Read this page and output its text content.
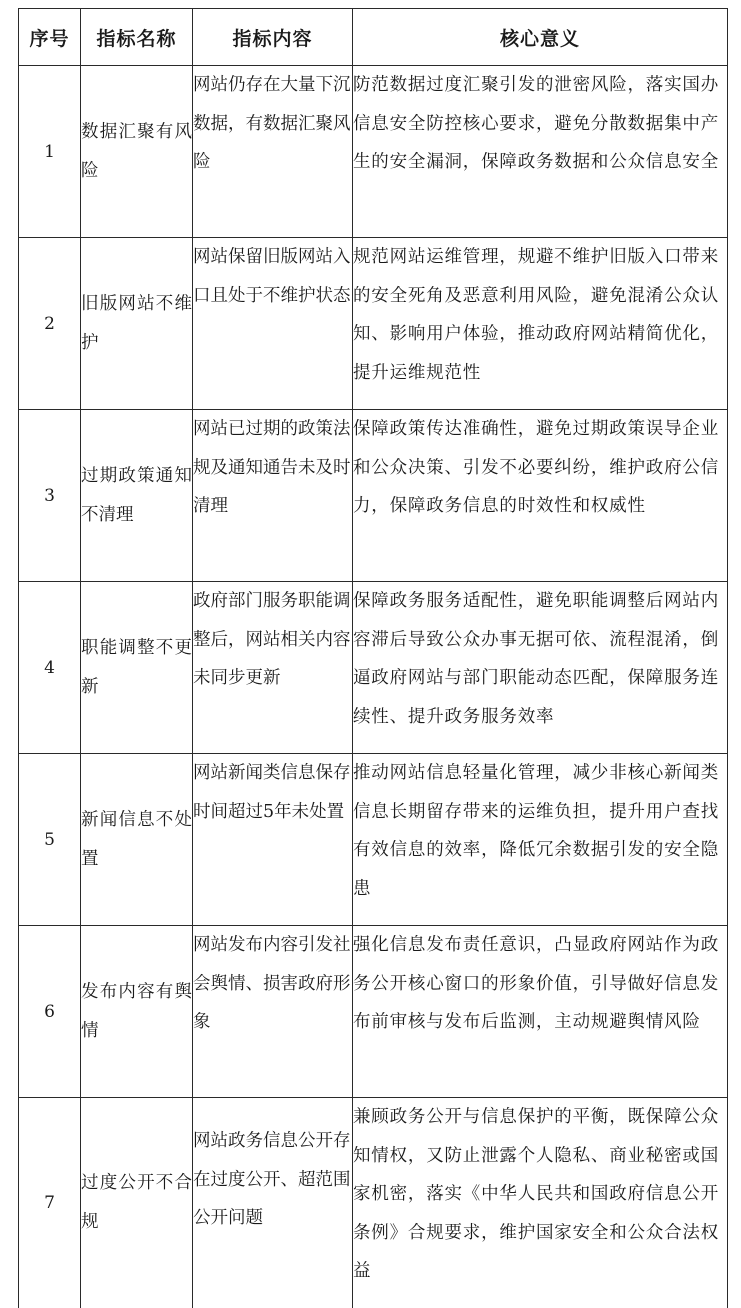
序号	指标名称	指标内容	核心意义
1	数据汇聚有风险	网站仍存在大量下沉数据，有数据汇聚风险	防范数据过度汇聚引发的泄密风险，落实国办信息安全防控核心要求，避免分散数据集中产生的安全漏洞，保障政务数据和公众信息安全
2	旧版网站不维护	网站保留旧版网站入口且处于不维护状态	规范网站运维管理，规避不维护旧版入口带来的安全死角及恶意利用风险，避免混淆公众认知、影响用户体验，推动政府网站精简优化，提升运维规范性
3	过期政策通知不清理	网站已过期的政策法规及通知通告未及时清理	保障政策传达准确性，避免过期政策误导企业和公众决策、引发不必要纠纷，维护政府公信力，保障政务信息的时效性和权威性
4	职能调整不更新	政府部门服务职能调整后，网站相关内容未同步更新	保障政务服务适配性，避免职能调整后网站内容滞后导致公众办事无据可依、流程混淆，倒逼政府网站与部门职能动态匹配，保障服务连续性、提升政务服务效率
5	新闻信息不处置	网站新闻类信息保存时间超过5年未处置	推动网站信息轻量化管理，减少非核心新闻类信息长期留存带来的运维负担，提升用户查找有效信息的效率，降低冗余数据引发的安全隐患
6	发布内容有舆情	网站发布内容引发社会舆情、损害政府形象	强化信息发布责任意识，凸显政府网站作为政务公开核心窗口的形象价值，引导做好信息发布前审核与发布后监测，主动规避舆情风险
7	过度公开不合规	网站政务信息公开存在过度公开、超范围公开问题	兼顾政务公开与信息保护的平衡，既保障公众知情权，又防止泄露个人隐私、商业秘密或国家机密，落实《中华人民共和国政府信息公开条例》合规要求，维护国家安全和公众合法权益
